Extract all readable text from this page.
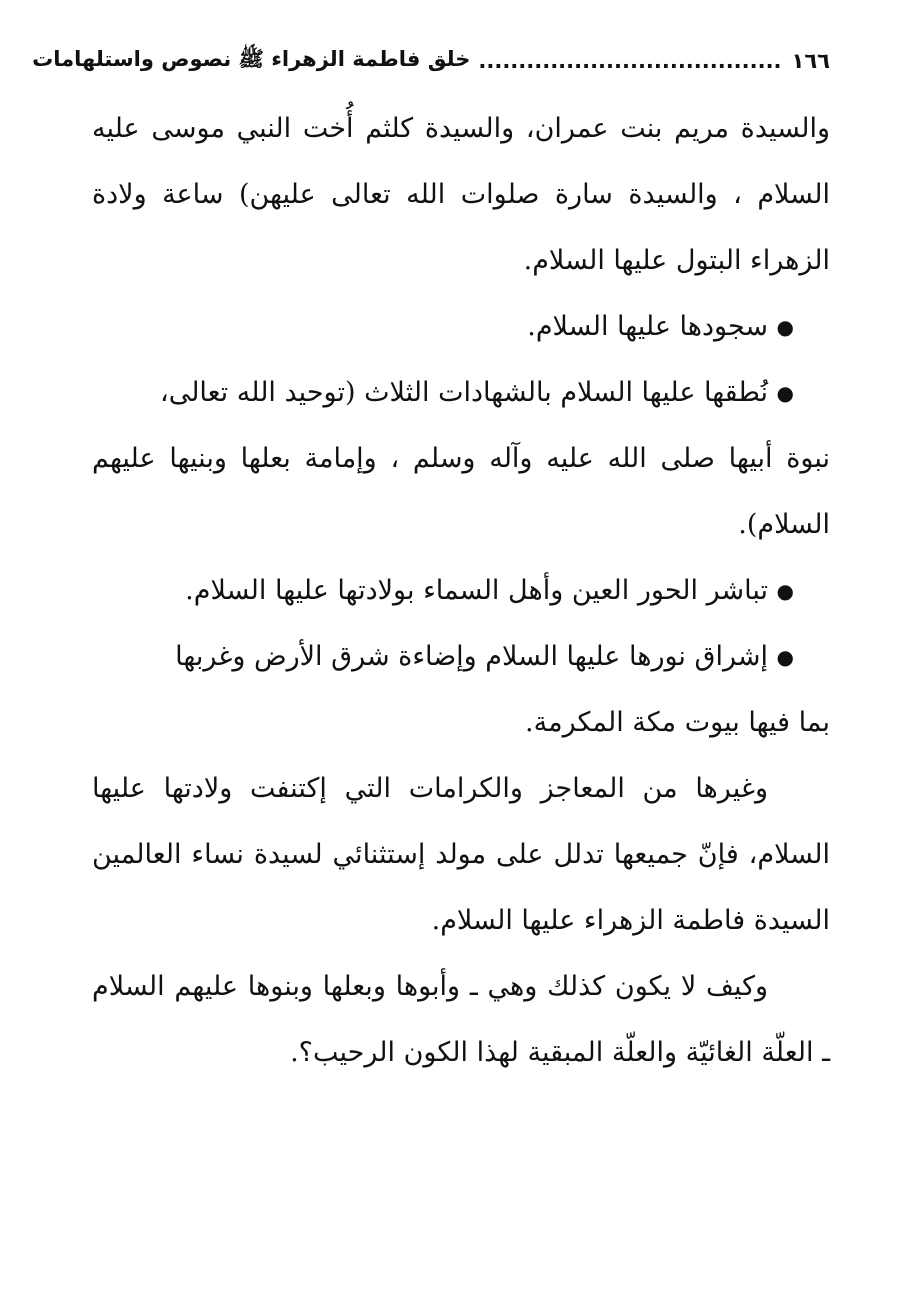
١٦٦
......................................
خلق فاطمة الزهراء ﷺ نصوص واستلهامات

والسيدة مريم بنت عمران، والسيدة كلثم أُخت النبي موسى عليه السلام ، والسيدة سارة صلوات الله تعالى عليهن) ساعة ولادة الزهراء البتول عليها السلام.

●
سجودها عليها السلام.

●
نُطقها عليها السلام بالشهادات الثلاث (توحيد الله تعالى،

نبوة أبيها صلى الله عليه وآله وسلم ، وإمامة بعلها وبنيها عليهم السلام).

●
تباشر الحور العين وأهل السماء بولادتها عليها السلام.

●
إشراق نورها عليها السلام وإضاءة شرق الأرض وغربها

بما فيها بيوت مكة المكرمة.

وغيرها من المعاجز والكرامات التي إكتنفت ولادتها عليها السلام، فإنّ جميعها تدلل على مولد إستثنائي لسيدة نساء العالمين السيدة فاطمة الزهراء عليها السلام.

وكيف لا يكون كذلك وهي ـ وأبوها وبعلها وبنوها عليهم السلام ـ العلّة الغائيّة والعلّة المبقية لهذا الكون الرحيب؟.
